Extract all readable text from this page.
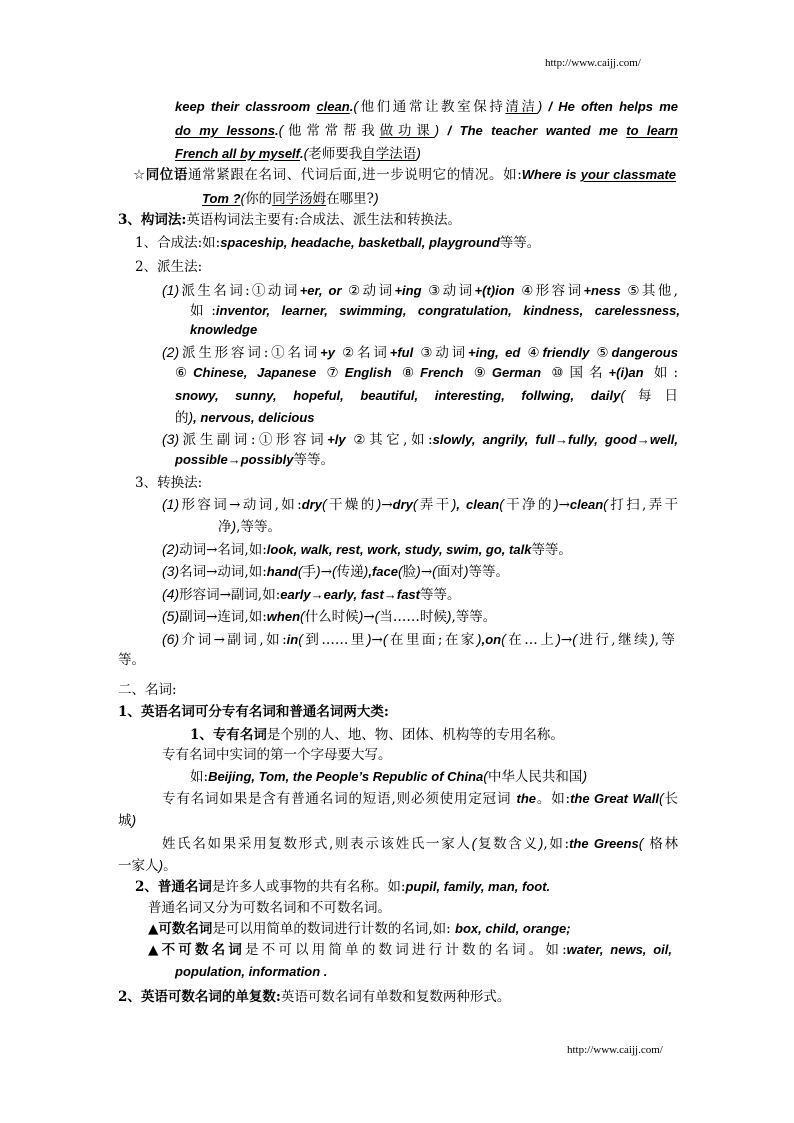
http://www.caijj.com/
keep their classroom clean.(他们通常让教室保持清洁) / He often helps me
do my lessons.(他常常帮我做功课) / The teacher wanted me to learn
French all by myself.(老师要我自学法语)
☆同位语通常紧跟在名词、代词后面,进一步说明它的情况。如:Where is your classmate
Tom ?(你的同学汤姆在哪里?)
3、构词法:英语构词法主要有:合成法、派生法和转换法。
1、合成法:如:spaceship, headache, basketball, playground等等。
2、派生法:
(1)派生名词:①动词+er, or ②动词+ing ③动词+(t)ion ④形容词+ness ⑤其他,
如:inventor, learner, swimming, congratulation, kindness, carelessness,
knowledge
(2)派生形容词:①名词+y ②名词+ful ③动词+ing, ed ④friendly ⑤dangerous
⑥Chinese, Japanese ⑦English ⑧French ⑨German ⑩国名+(i)an 如:
snowy, sunny, hopeful, beautiful, interesting, follwing, daily(每日
的), nervous, delicious
(3)派生副词:①形容词+ly ②其它,如:slowly, angrily, full→fully, good→well,
possible→possibly等等。
3、转换法:
(1)形容词→动词,如:dry(干燥的)→dry(弄干), clean(干净的)→clean(打扫,弄干
净),等等。
(2)动词→名词,如:look, walk, rest, work, study, swim, go, talk等等。
(3)名词→动词,如:hand(手)→(传递),face(脸)→(面对)等等。
(4)形容词→副词,如:early→early, fast→fast等等。
(5)副词→连词,如:when(什么时候)→(当……时候),等等。
(6)介词→副词,如:in(到……里)→(在里面;在家),on(在…上)→(进行,继续),等
等。
二、名词:
1、英语名词可分专有名词和普通名词两大类:
1、专有名词是个别的人、地、物、团体、机构等的专用名称。
专有名词中实词的第一个字母要大写。
如:Beijing, Tom, the People’s Republic of China(中华人民共和国)
专有名词如果是含有普通名词的短语,则必须使用定冠词 the。如:the Great Wall(长
城)
姓氏名如果采用复数形式,则表示该姓氏一家人(复数含义),如:the Greens( 格林
一家人)。
2、普通名词是许多人或事物的共有名称。如:pupil, family, man, foot.
普通名词又分为可数名词和不可数名词。
▲可数名词是可以用简单的数词进行计数的名词,如: box, child, orange;
▲不可数名词是不可以用简单的数词进行计数的名词。如:water, news, oil,
population, information .
2、英语可数名词的单复数:英语可数名词有单数和复数两种形式。
http://www.caijj.com/
